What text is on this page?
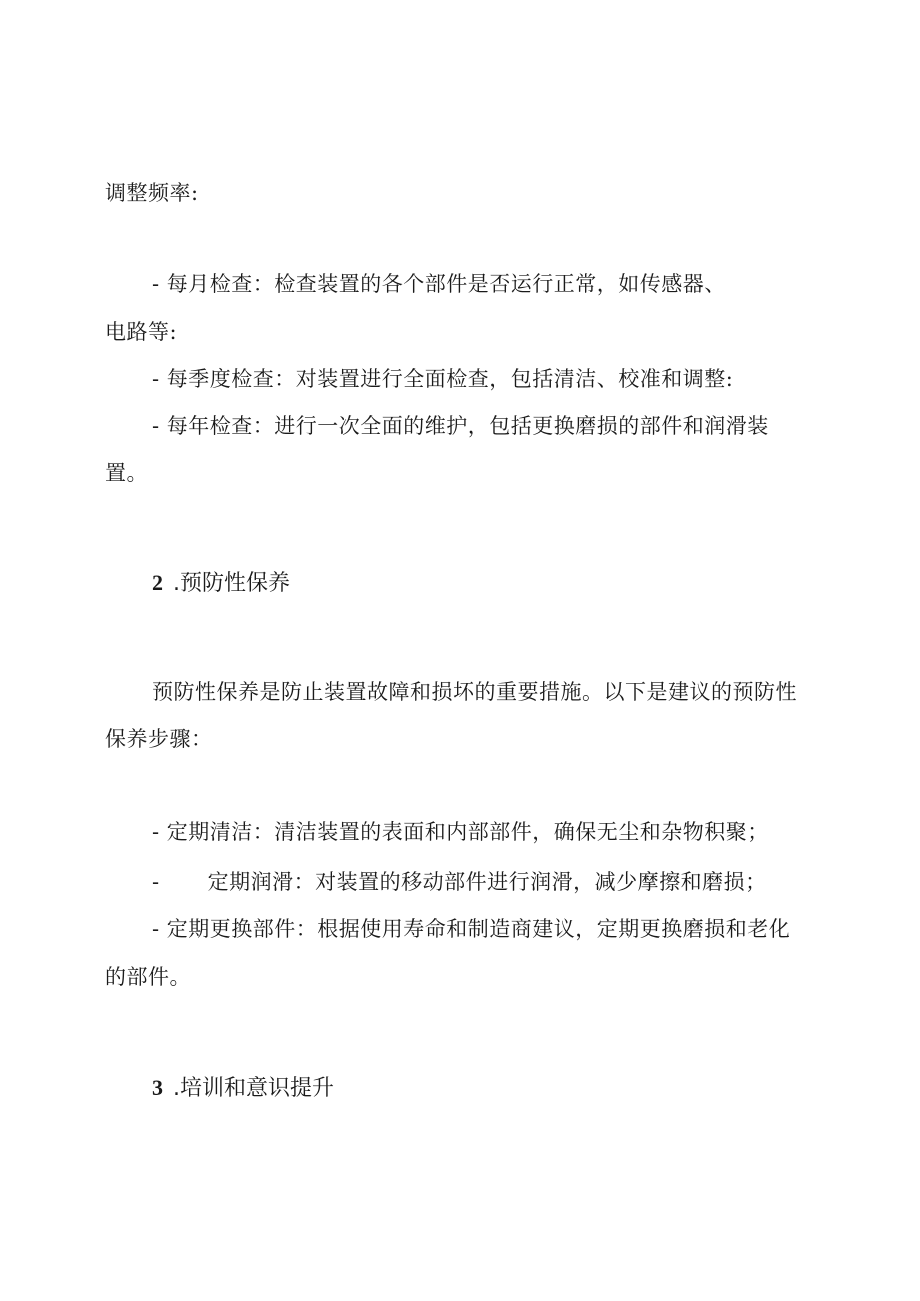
调整频率:
- 每月检查：检查装置的各个部件是否运行正常，如传感器、
电路等:
- 每季度检查：对装置进行全面检查，包括清洁、校准和调整:
- 每年检查：进行一次全面的维护，包括更换磨损的部件和润滑装
置。
2 .预防性保养
预防性保养是防止装置故障和损坏的重要措施。以下是建议的预防性
保养步骤：
- 定期清洁：清洁装置的表面和内部部件，确保无尘和杂物积聚；
- 定期润滑：对装置的移动部件进行润滑，减少摩擦和磨损；
- 定期更换部件：根据使用寿命和制造商建议，定期更换磨损和老化
的部件。
3 .培训和意识提升
